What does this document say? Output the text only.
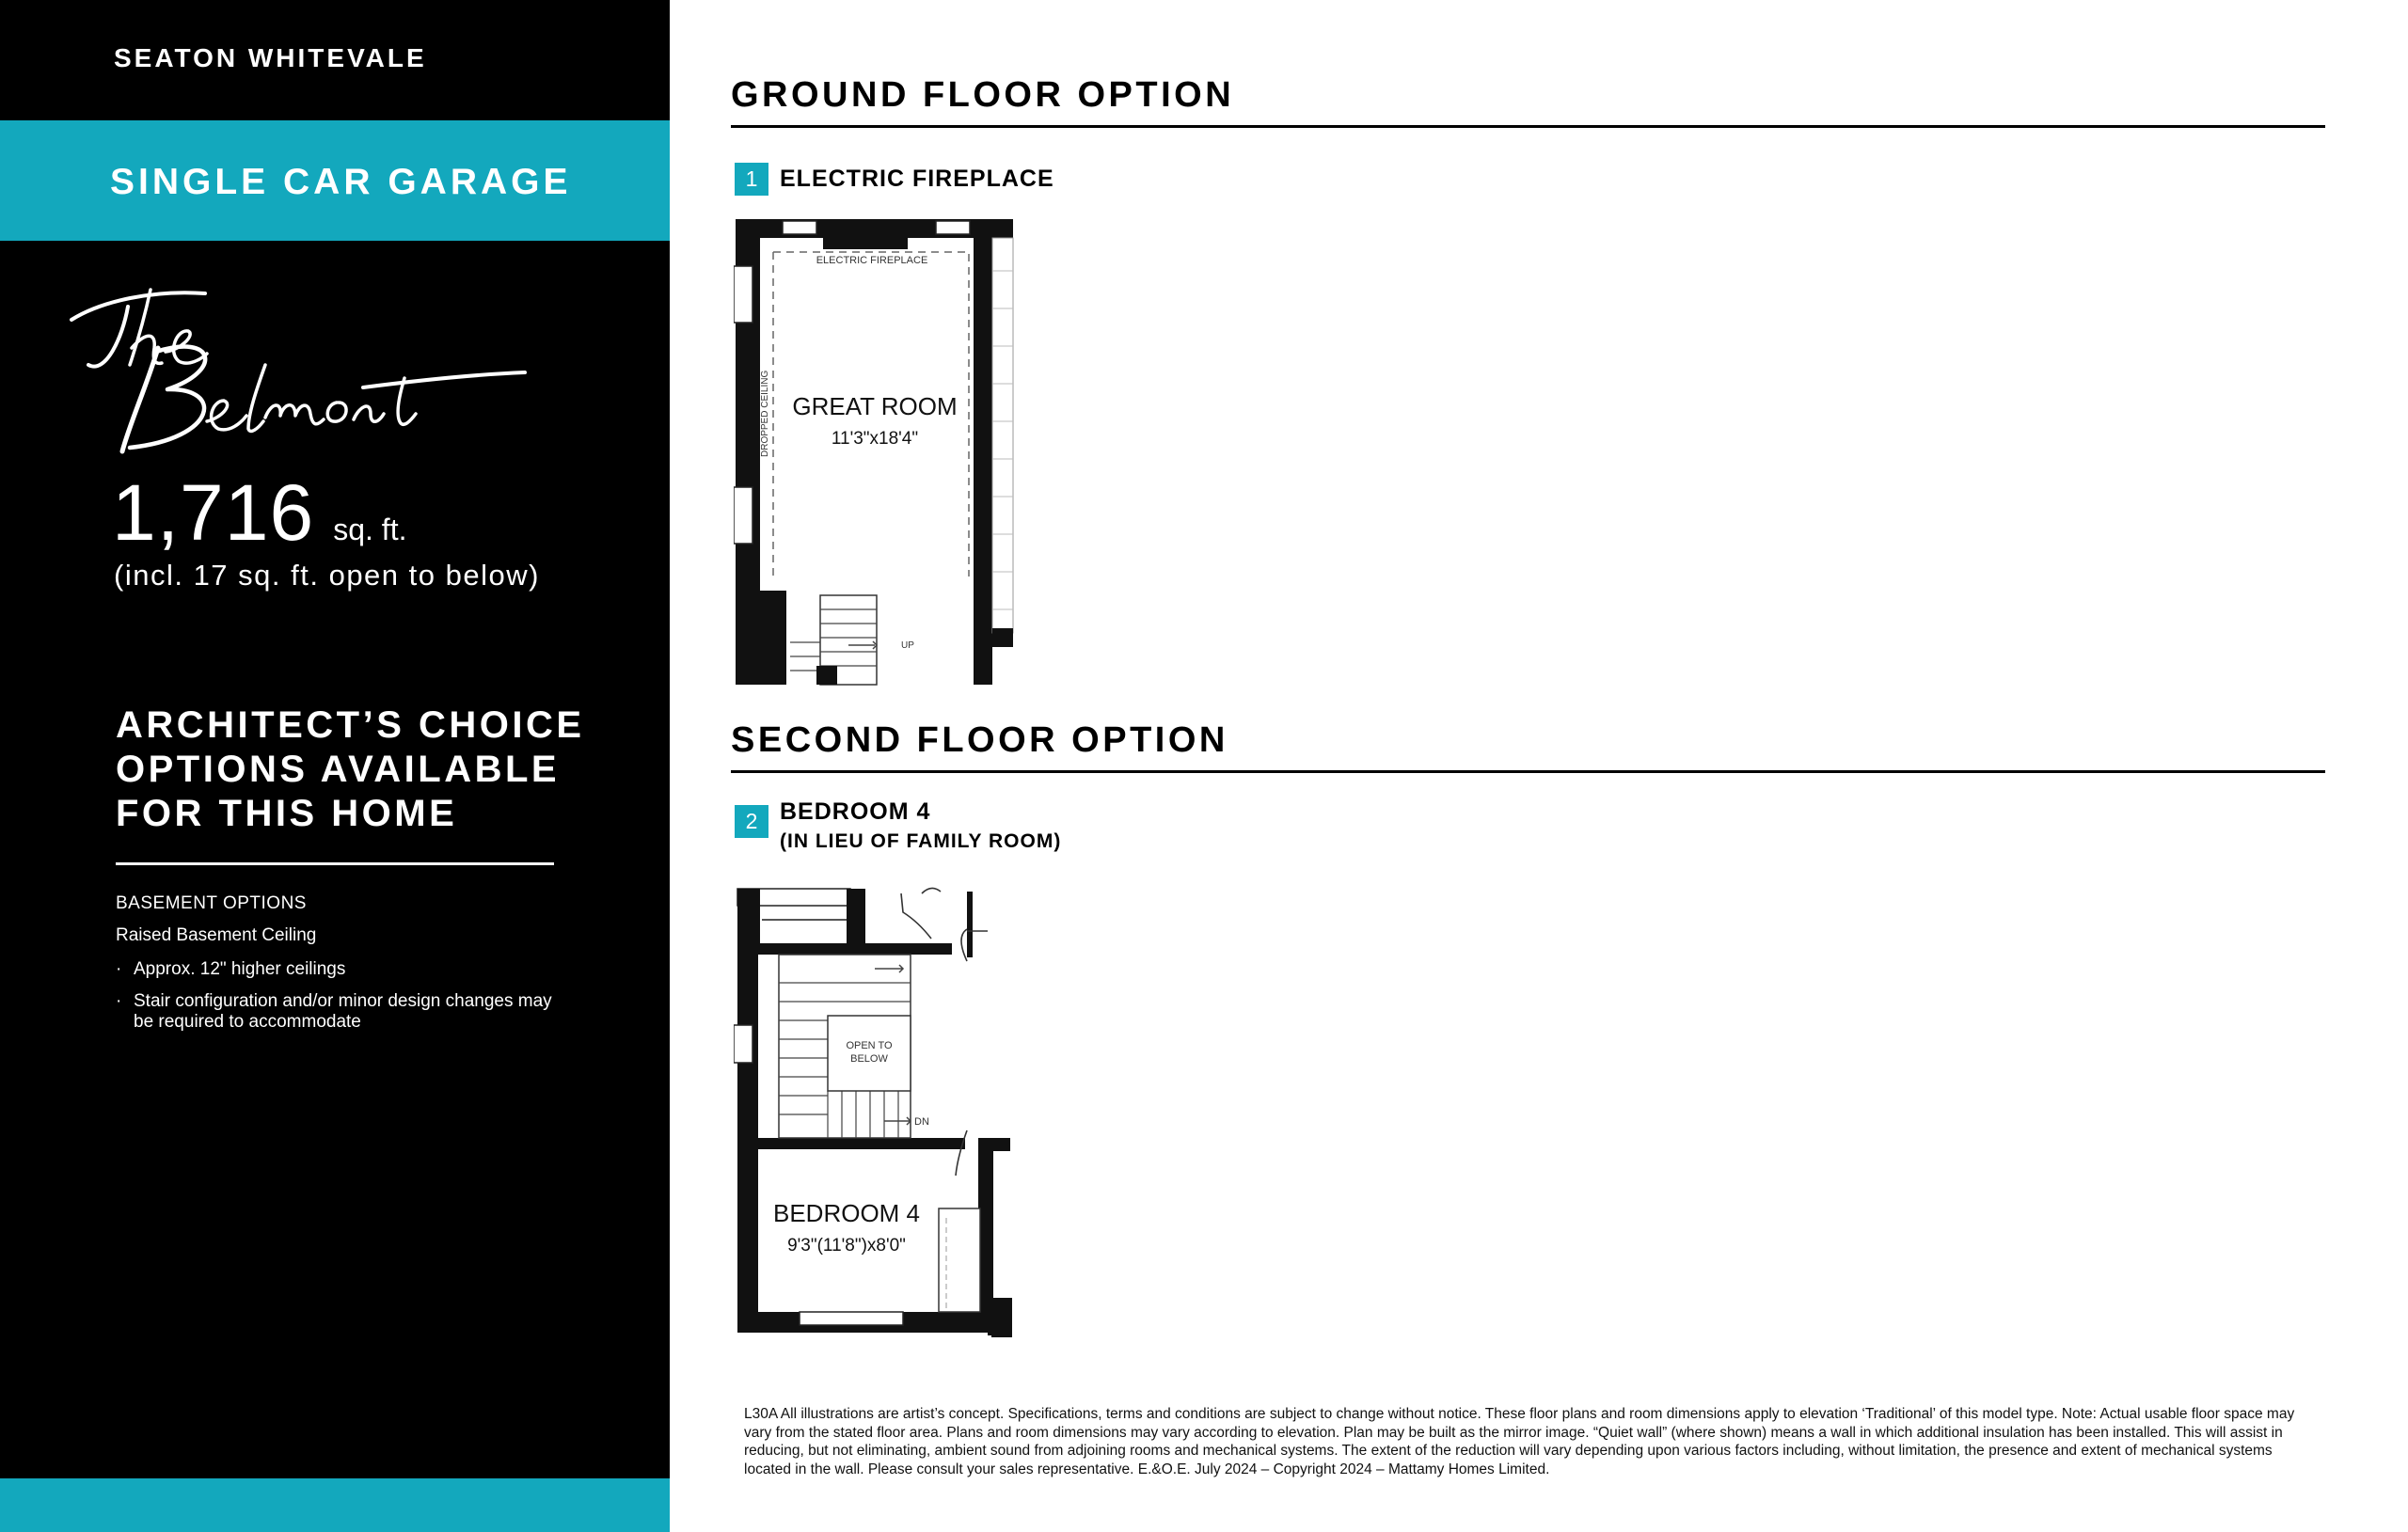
SEATON WHITEVALE
SINGLE CAR GARAGE
1,716 sq. ft.
(incl. 17 sq. ft. open to below)
ARCHITECT’S CHOICE
OPTIONS AVAILABLE
FOR THIS HOME
BASEMENT OPTIONS
Raised Basement Ceiling
· Approx. 12" higher ceilings
· Stair configuration and/or minor design changes may be required to accommodate
GROUND FLOOR OPTION
1 ELECTRIC FIREPLACE
ELECTRIC FIREPLACE
DROPPED CEILING GREAT ROOM
11'3"x18'4"
UP
SECOND FLOOR OPTION
2 BEDROOM 4
(IN LIEU OF FAMILY ROOM)
OPEN TO
BELOW
DN
BEDROOM 4
9'3"(11'8")x8'0"
L30A All illustrations are artist’s concept. Specifications, terms and conditions are subject to change without notice. These floor plans and room dimensions apply to elevation ‘Traditional’ of this model type. Note: Actual usable floor space may vary from the stated floor area. Plans and room dimensions may vary according to elevation. Plan may be built as the mirror image. “Quiet wall” (where shown) means a wall in which additional insulation has been installed. This will assist in reducing, but not eliminating, ambient sound from adjoining rooms and mechanical systems. The extent of the reduction will vary depending upon various factors including, without limitation, the presence and extent of mechanical systems located in the wall. Please consult your sales representative. E.&O.E. July 2024 – Copyright 2024 – Mattamy Homes Limited.
